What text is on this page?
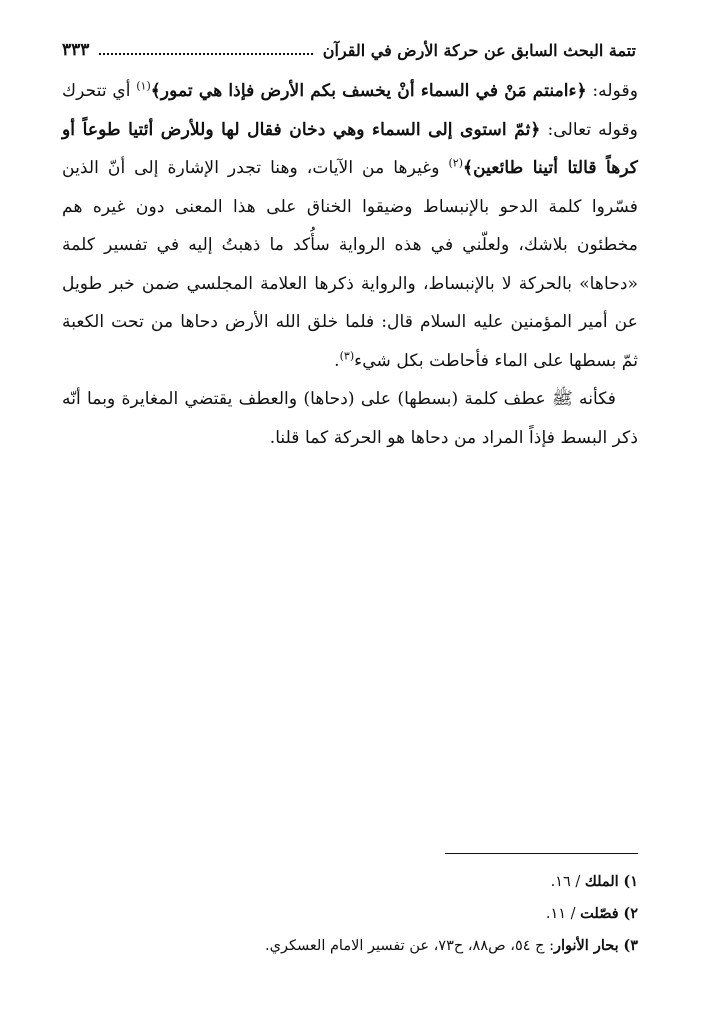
تتمة البحث السابق عن حركة الأرض في القرآن
٣٣٣

وقوله: ﴿ءامنتم مَنْ في السماء أنْ يخسف بكم الأرض فإذا هي تمور﴾$^{(١)}$ أي تتحرك وقوله تعالى: ﴿ثمّ استوى إلى السماء وهي دخان فقال لها وللأرض أئتيا طوعاً أو كرهاً قالتا أتينا طائعين﴾$^{(٢)}$ وغيرها من الآيات، وهنا تجدر الإشارة إلى أنّ الذين فسّروا كلمة الدحو بالإنبساط وضيقوا الخناق على هذا المعنى دون غيره هم مخطئون بلاشك، ولعلّني في هذه الرواية سأُكد ما ذهبتُ إليه في تفسير كلمة «دحاها» بالحركة لا بالإنبساط، والرواية ذكرها العلامة المجلسي ضمن خبر طويل عن أمير المؤمنين عليه السلام قال: فلما خلق الله الأرض دحاها من تحت الكعبة ثمّ بسطها على الماء فأحاطت بكل شيء$^{(٣)}$.

فكأنه ﷺ عطف كلمة (بسطها) على (دحاها) والعطف يقتضي المغايرة وبما أنّه ذكر البسط فإذاً المراد من دحاها هو الحركة كما قلنا.

١) الملك / ١٦.
٢) فصّلت / ١١.
٣) بحار الأنوار: ج ٥٤، ص٨٨، ح٧٣، عن تفسير الامام العسكري.
